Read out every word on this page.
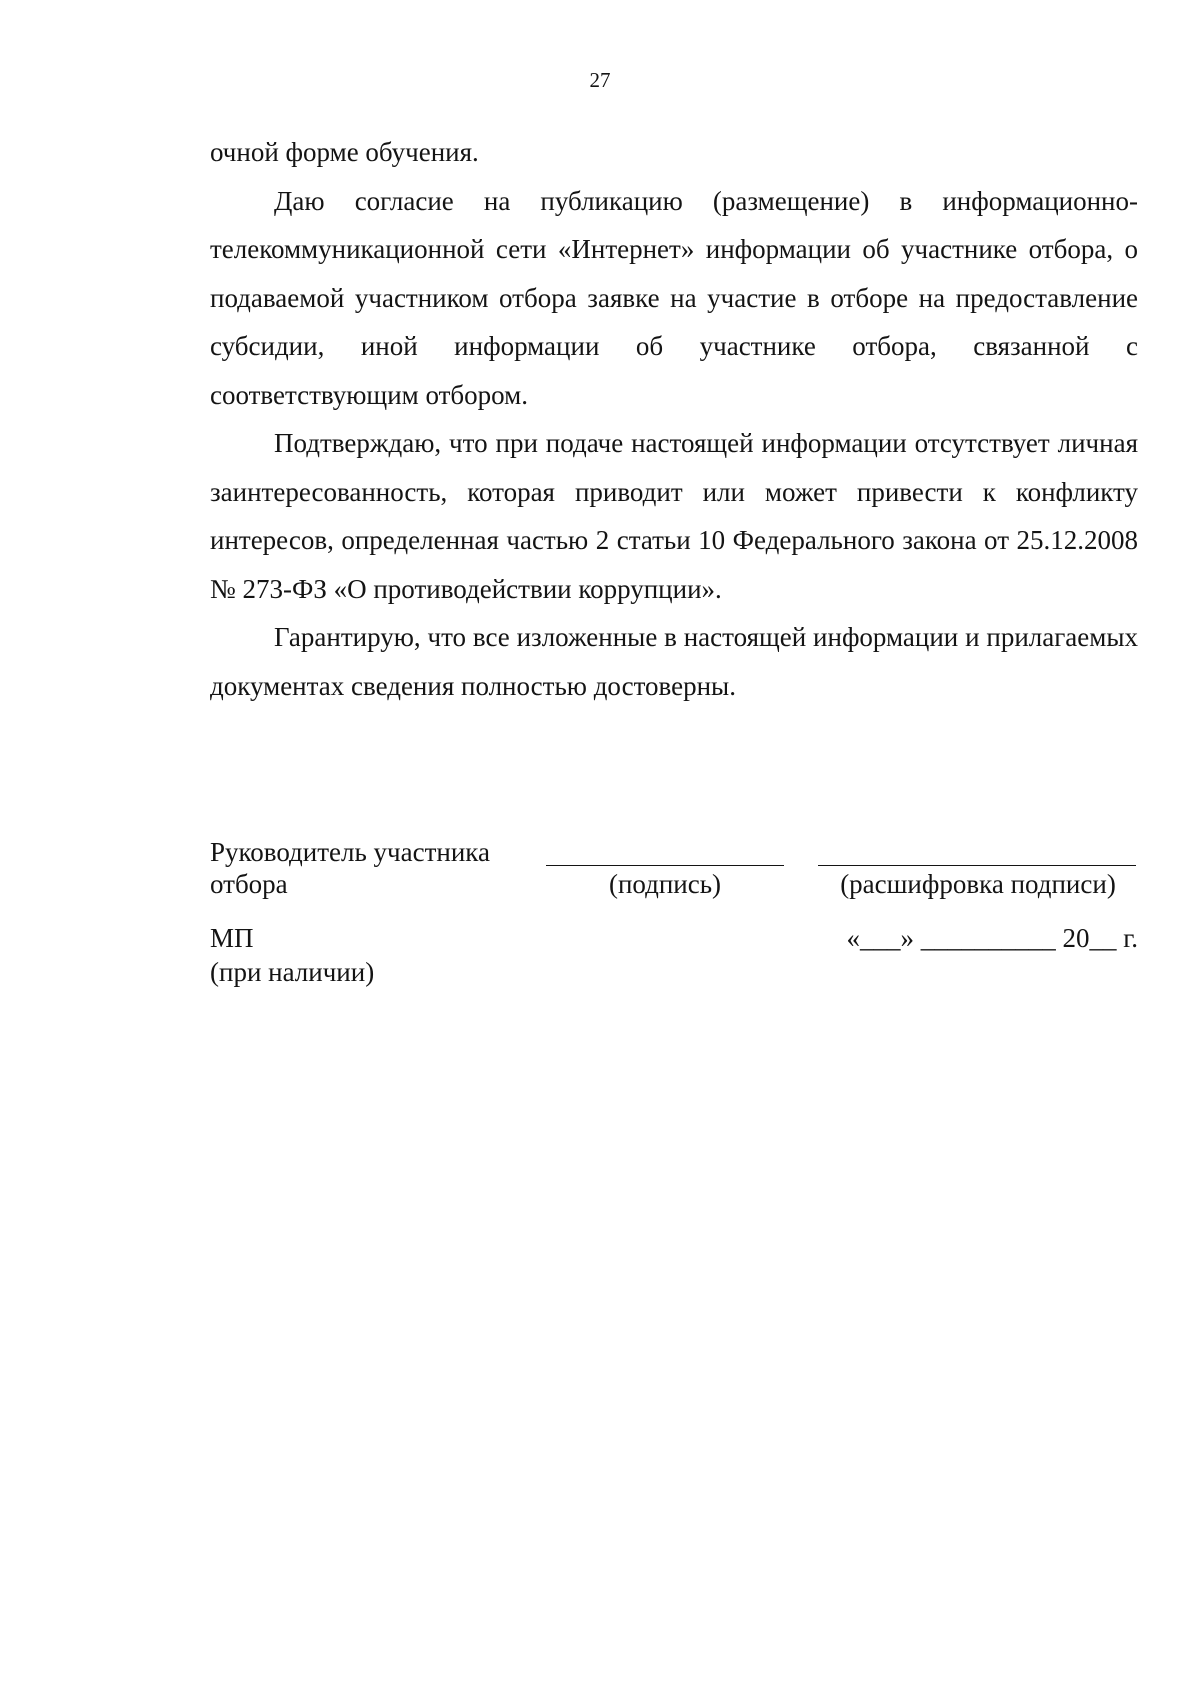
27

очной форме обучения.

Даю согласие на публикацию (размещение) в информационно-телекоммуникационной сети «Интернет» информации об участнике отбора, о подаваемой участником отбора заявке на участие в отборе на предоставление субсидии, иной информации об участнике отбора, связанной с соответствующим отбором.

Подтверждаю, что при подаче настоящей информации отсутствует личная заинтересованность, которая приводит или может привести к конфликту интересов, определенная частью 2 статьи 10 Федерального закона от 25.12.2008 № 273-ФЗ «О противодействии коррупции».

Гарантирую, что все изложенные в настоящей информации и прилагаемых документах сведения полностью достоверны.

Руководитель участника
отбора	(подпись)	(расшифровка подписи)
МП
(при наличии)
«___» __________ 20__ г.
